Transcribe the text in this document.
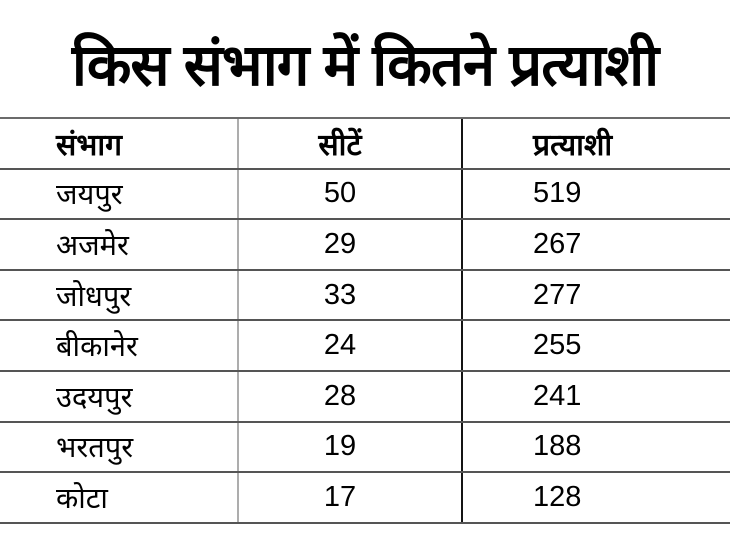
किस संभाग में कितने प्रत्याशी
संभाग	सीटें	प्रत्याशी
जयपुर	50	519
अजमेर	29	267
जोधपुर	33	277
बीकानेर	24	255
उदयपुर	28	241
भरतपुर	19	188
कोटा	17	128
